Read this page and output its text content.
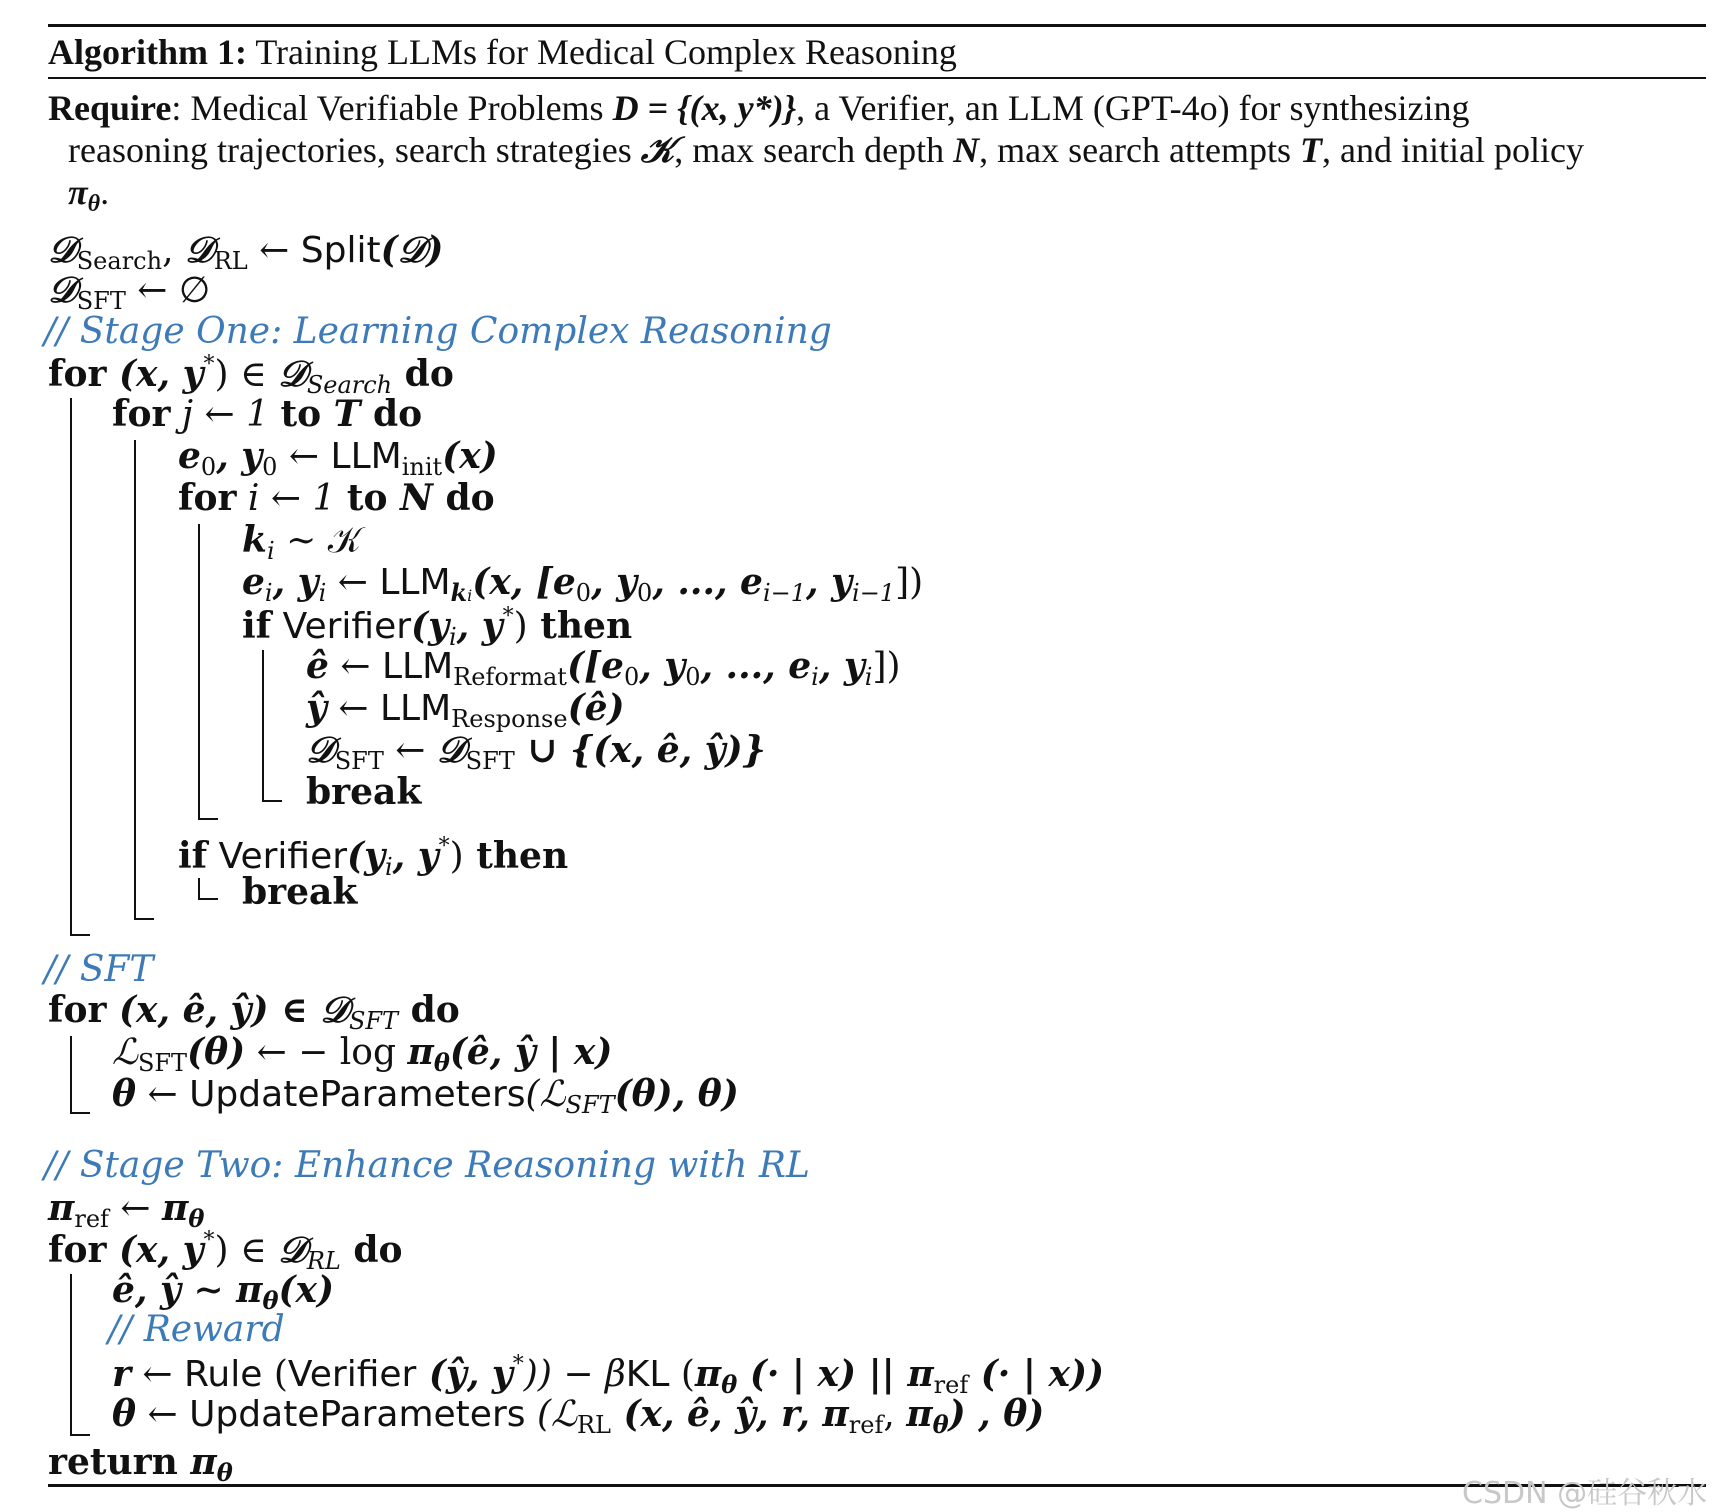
Algorithm 1: Training LLMs for Medical Complex Reasoning
Require: Medical Verifiable Problems D = {(x, y*)}, a Verifier, an LLM (GPT-4o) for synthesizing
reasoning trajectories, search strategies 𝒦, max search depth N, max search attempts T, and initial policy
$\pi_\theta$.
𝒟$_{Search}$, 𝒟$_{RL}$ ← Split(𝒟)
𝒟$_{SFT}$ ← ∅
// Stage One: Learning Complex Reasoning
for (x, y*) ∈ 𝒟$_{Search}$ do
for j ← 1 to T do
$e_0$, $y_0$ ← $LLM_{init}(x)$
for i ← 1 to N do
$k_i$ ∼ 𝒦
$e_i$, $y_i$ ← $LLM_{ki}(x$, [$e_0$, $y_0$, ..., $e_{i-1}$, $y_{i-1}$])
if $Verifier(y_i$, y*) then
ê ← $LLM_{Reformat}([e_0$, $y_0$, ..., $e_i$, $y_i$])
ŷ ← $LLM_{Response}(ê)$
𝒟$_{SFT}$ ← 𝒟$_{SFT}$ ∪ {(x, ê, ŷ)}
break
if $Verifier(y_i$, y*) then
break
// SFT
for (x, ê, ŷ) ∈ 𝒟$_{SFT}$ do
ℒ$_{SFT}$(θ) ← − $\log \pi_\theta(ê$, ŷ | x)
θ ← UpdateParameters(ℒ$_{SFT}$(θ), θ)
// Stage Two: Enhance Reasoning with RL
$\pi_{ref}$ ← $\pi_\theta$
for (x, y*) ∈ 𝒟$_{RL}$ do
ê, ŷ ∼ $\pi_\theta(x)$
// Reward
r ← Rule (Verifier (ŷ, y*)) − βKL ($\pi_\theta$ (· | x) || $\pi_{ref}$ (· | x))
θ ← UpdateParameters (ℒ$_{RL}$ (x, ê, ŷ, r, $\pi_{ref}$, $\pi_\theta$) , θ)
return $\pi_\theta$
CSDN @硅谷秋水
